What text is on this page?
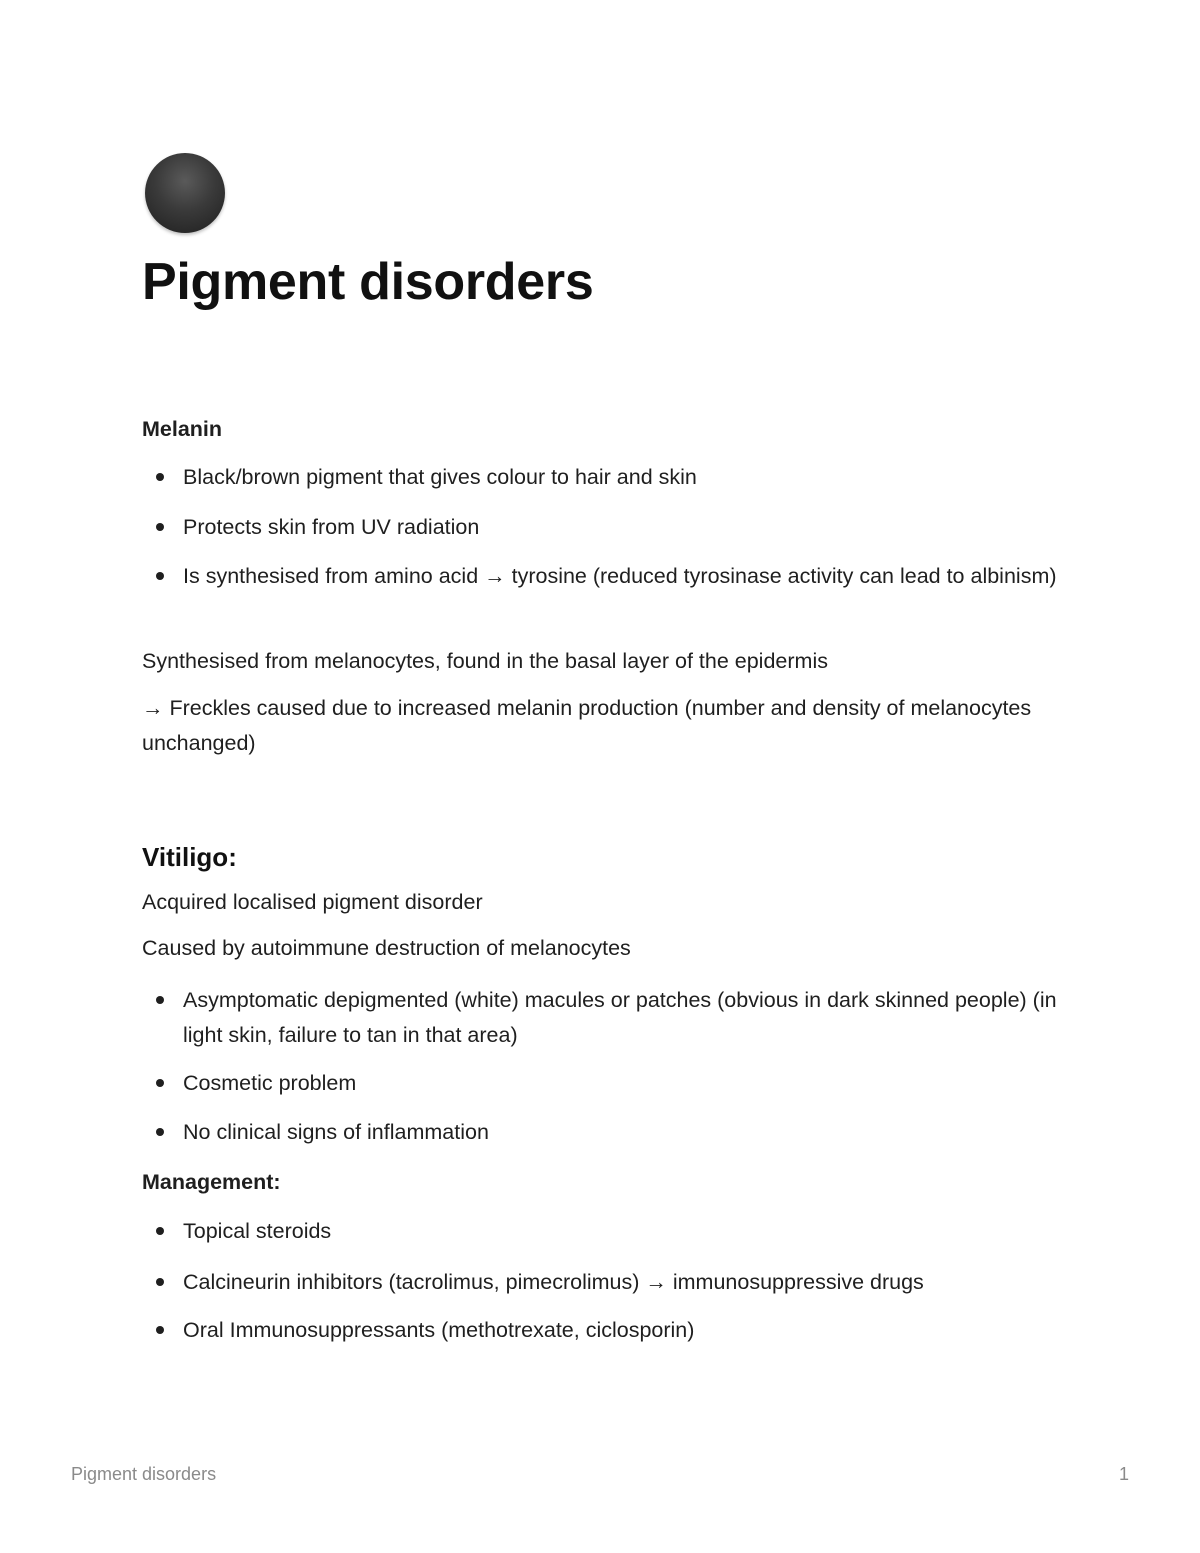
Pigment disorders
Melanin
Black/brown pigment that gives colour to hair and skin
Protects skin from UV radiation
Is synthesised from amino acid → tyrosine (reduced tyrosinase activity can lead to albinism)
Synthesised from melanocytes, found in the basal layer of the epidermis
→ Freckles caused due to increased melanin production (number and density of melanocytes unchanged)
Vitiligo:
Acquired localised pigment disorder
Caused by autoimmune destruction of melanocytes
Asymptomatic depigmented (white) macules or patches (obvious in dark skinned people) (in light skin, failure to tan in that area)
Cosmetic problem
No clinical signs of inflammation
Management:
Topical steroids
Calcineurin inhibitors (tacrolimus, pimecrolimus) → immunosuppressive drugs
Oral Immunosuppressants (methotrexate, ciclosporin)
Pigment disorders	1
